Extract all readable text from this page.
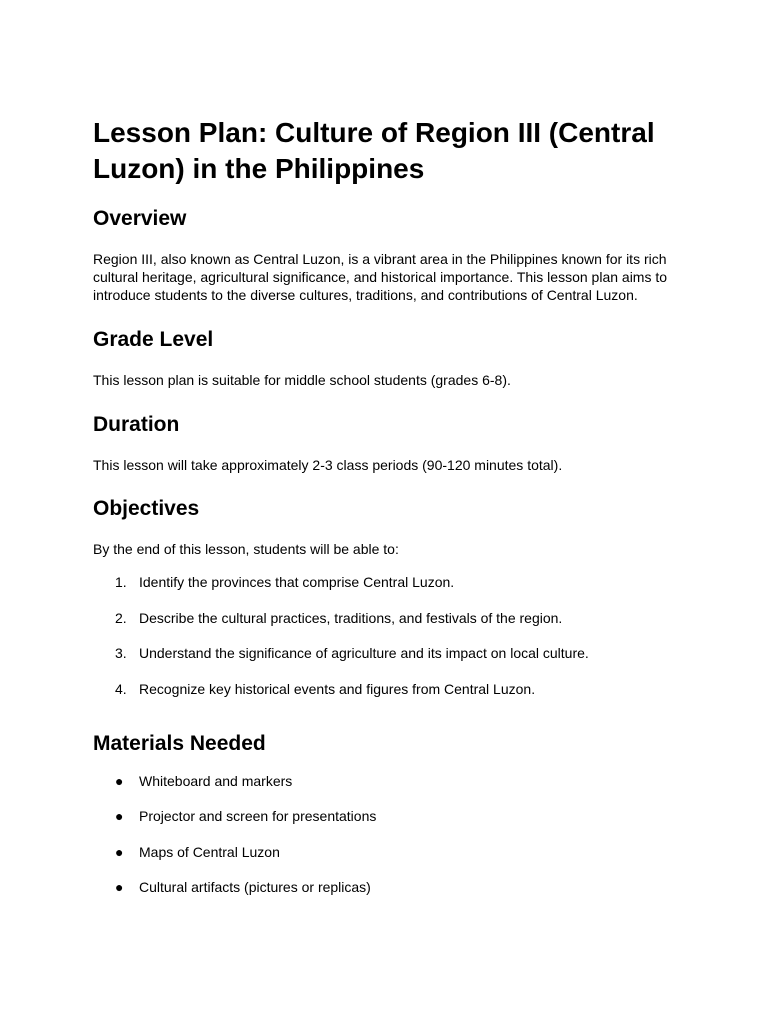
Lesson Plan: Culture of Region III (Central Luzon) in the Philippines
Overview

Region III, also known as Central Luzon, is a vibrant area in the Philippines known for its rich cultural heritage, agricultural significance, and historical importance. This lesson plan aims to introduce students to the diverse cultures, traditions, and contributions of Central Luzon.

Grade Level

This lesson plan is suitable for middle school students (grades 6-8).

Duration

This lesson will take approximately 2-3 class periods (90-120 minutes total).

Objectives

By the end of this lesson, students will be able to:

1. Identify the provinces that comprise Central Luzon.
2. Describe the cultural practices, traditions, and festivals of the region.
3. Understand the significance of agriculture and its impact on local culture.
4. Recognize key historical events and figures from Central Luzon.
Materials Needed
● Whiteboard and markers
● Projector and screen for presentations
● Maps of Central Luzon
● Cultural artifacts (pictures or replicas)
